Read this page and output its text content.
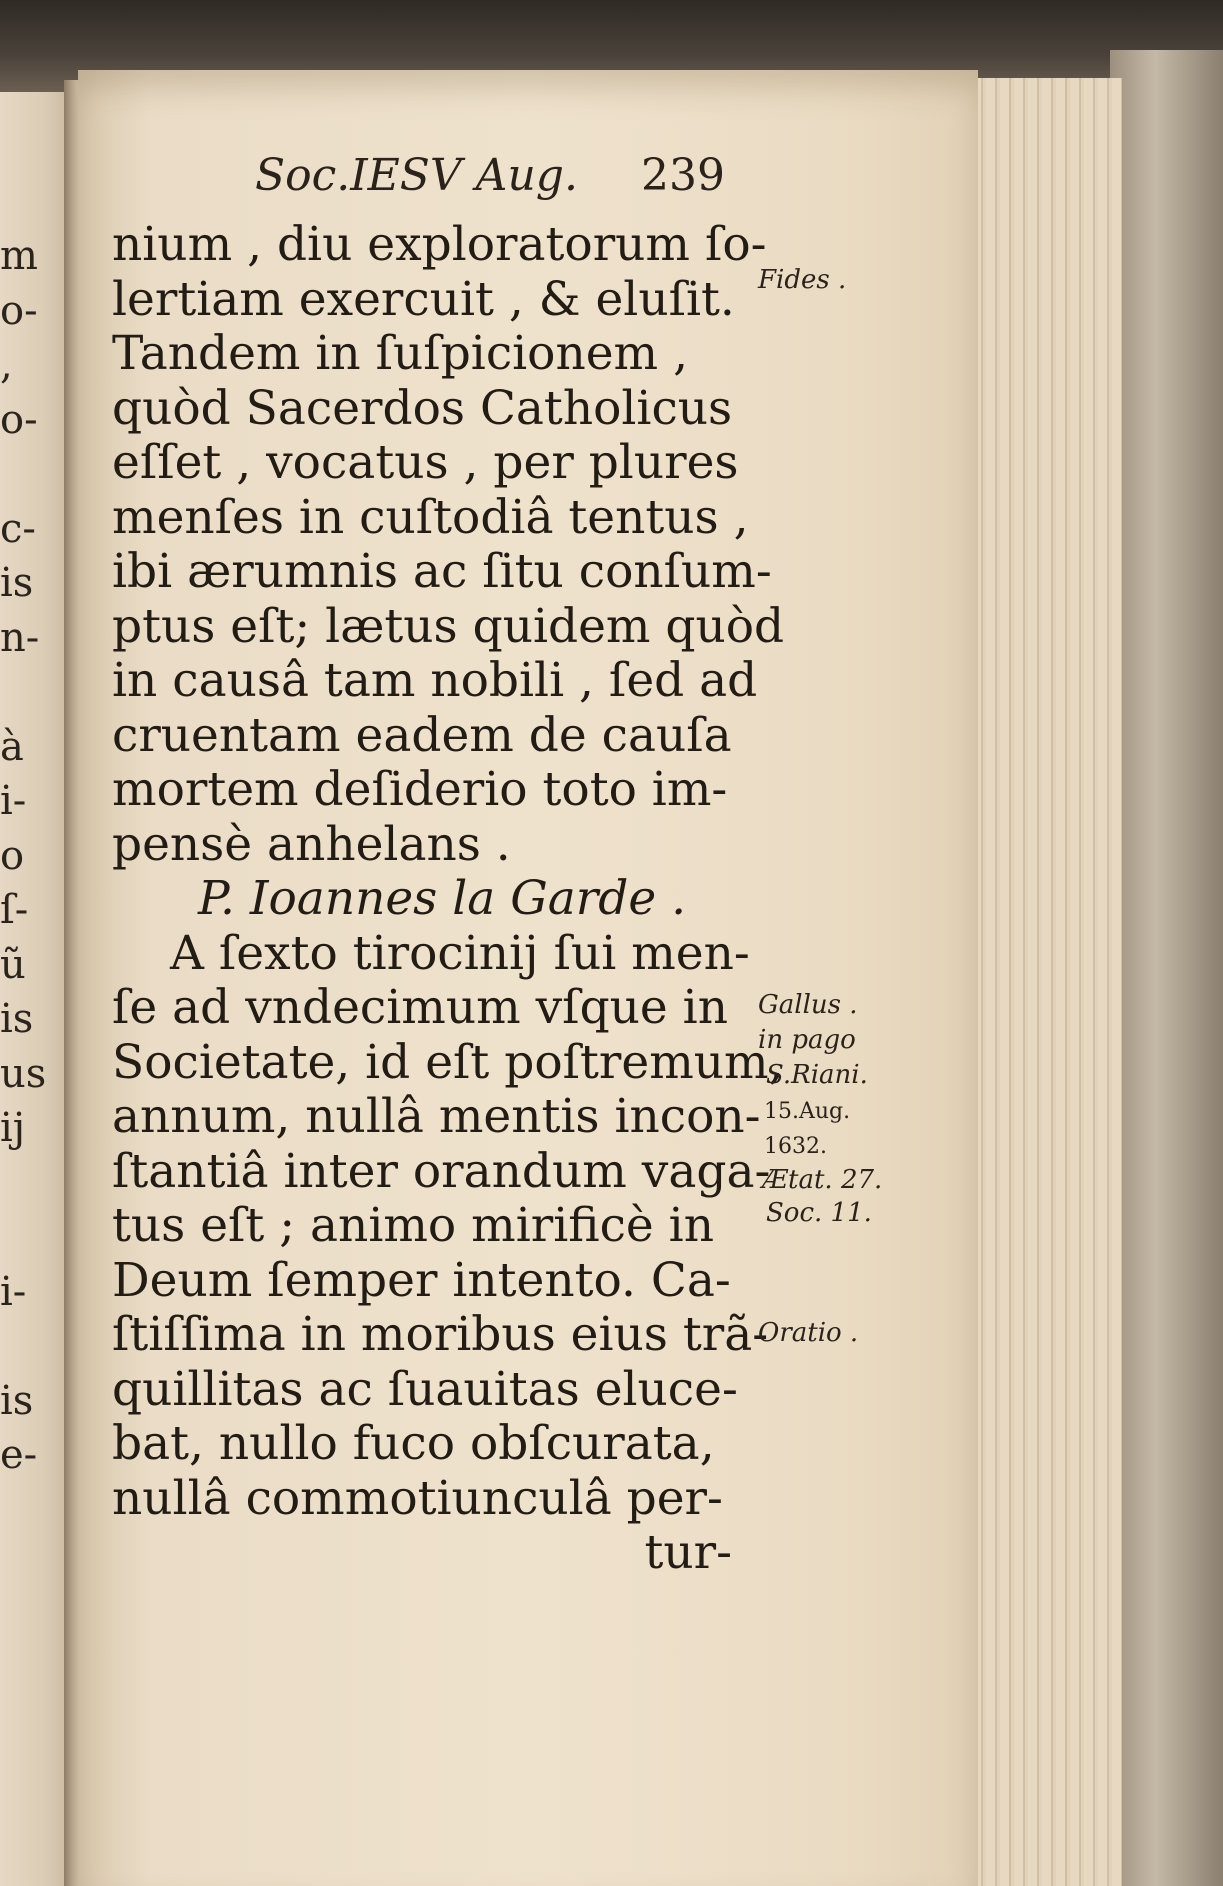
m
o-
,
o-
c-
is
n-
à
i-
o
ſ-
ũ
is
us
ij
i-
is
e-
Soc.IESV Aug. 239
nium , diu exploratorum ſo-
lertiam exercuit , & eluſit.
Tandem in ſuſpicionem ,
quòd Sacerdos Catholicus
eſſet , vocatus , per plures
menſes in cuſtodiâ tentus ,
ibi ærumnis ac ſitu conſum-
ptus eſt; lætus quidem quòd
in causâ tam nobili , ſed ad
cruentam eadem de cauſa
mortem deſiderio toto im-
pensè anhelans .
P. Ioannes la Garde .
A ſexto tirocinij ſui men-
ſe ad vndecimum vſque in
Societate, id eſt poſtremum,
annum, nullâ mentis incon-
ſtantiâ inter orandum vaga-
tus eſt ; animo mirificè in
Deum ſemper intento. Ca-
ſtiſſima in moribus eius trã-
quillitas ac ſuauitas eluce-
bat, nullo fuco obſcurata,
nullâ commotiunculâ per-
tur-
Fides .
Gallus .
in pago
S.Riani.
15.Aug.
1632.
Ætat. 27.
Soc. 11.
Oratio .
